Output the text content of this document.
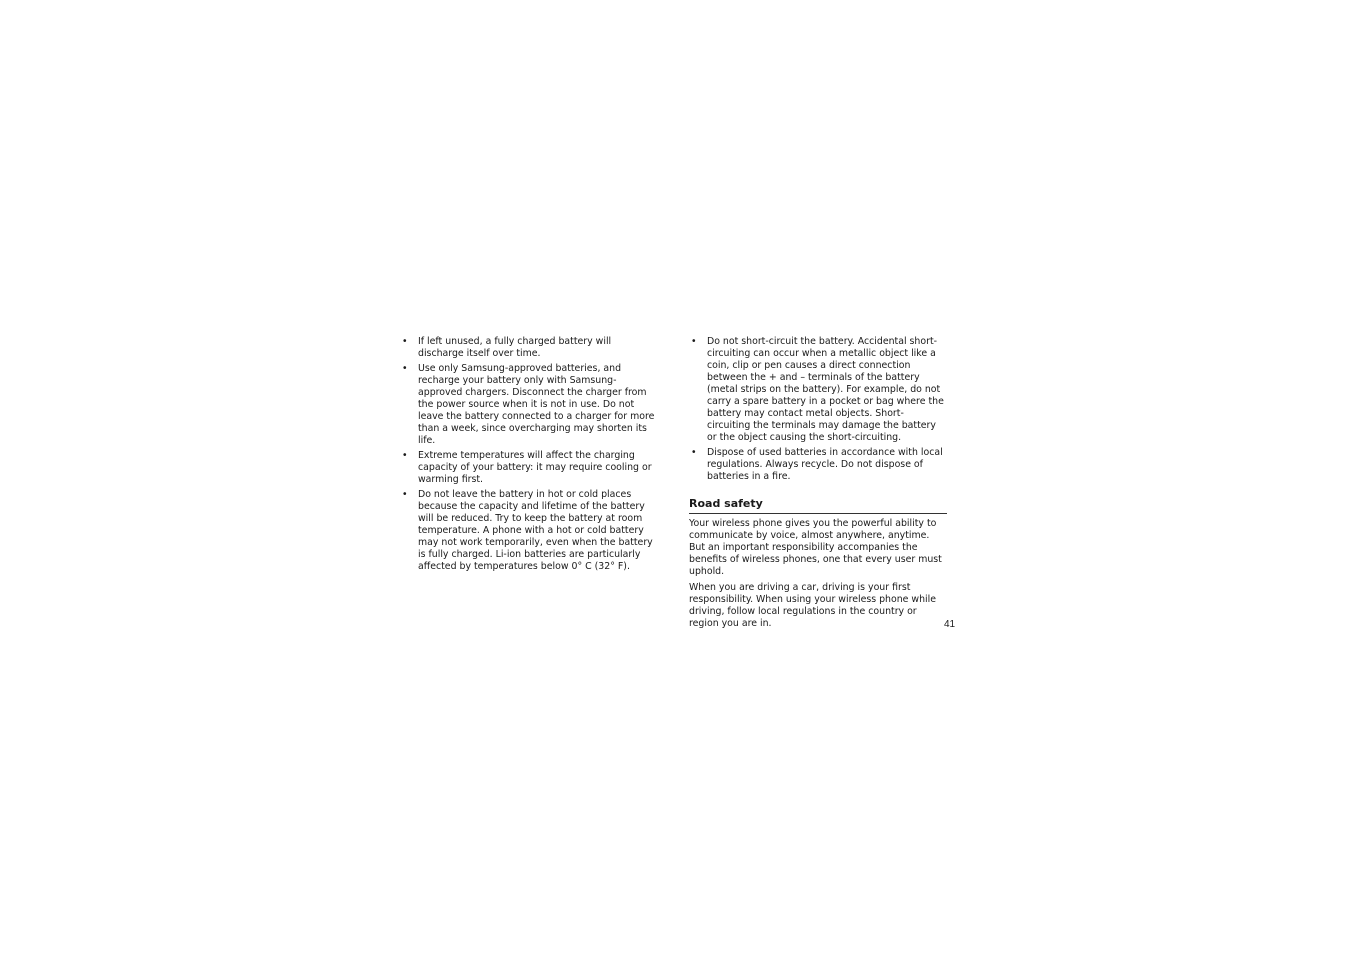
• If left unused, a fully charged battery will discharge itself over time.
• Use only Samsung-approved batteries, and recharge your battery only with Samsung-approved chargers. Disconnect the charger from the power source when it is not in use. Do not leave the battery connected to a charger for more than a week, since overcharging may shorten its life.
• Extreme temperatures will affect the charging capacity of your battery: it may require cooling or warming first.
• Do not leave the battery in hot or cold places because the capacity and lifetime of the battery will be reduced. Try to keep the battery at room temperature. A phone with a hot or cold battery may not work temporarily, even when the battery is fully charged. Li-ion batteries are particularly affected by temperatures below 0° C (32° F).
• Do not short-circuit the battery. Accidental short-circuiting can occur when a metallic object like a coin, clip or pen causes a direct connection between the + and – terminals of the battery (metal strips on the battery). For example, do not carry a spare battery in a pocket or bag where the battery may contact metal objects. Short-circuiting the terminals may damage the battery or the object causing the short-circuiting.
• Dispose of used batteries in accordance with local regulations. Always recycle. Do not dispose of batteries in a fire.
Road safety

Your wireless phone gives you the powerful ability to communicate by voice, almost anywhere, anytime. But an important responsibility accompanies the benefits of wireless phones, one that every user must uphold.

When you are driving a car, driving is your first responsibility. When using your wireless phone while driving, follow local regulations in the country or region you are in.	41
